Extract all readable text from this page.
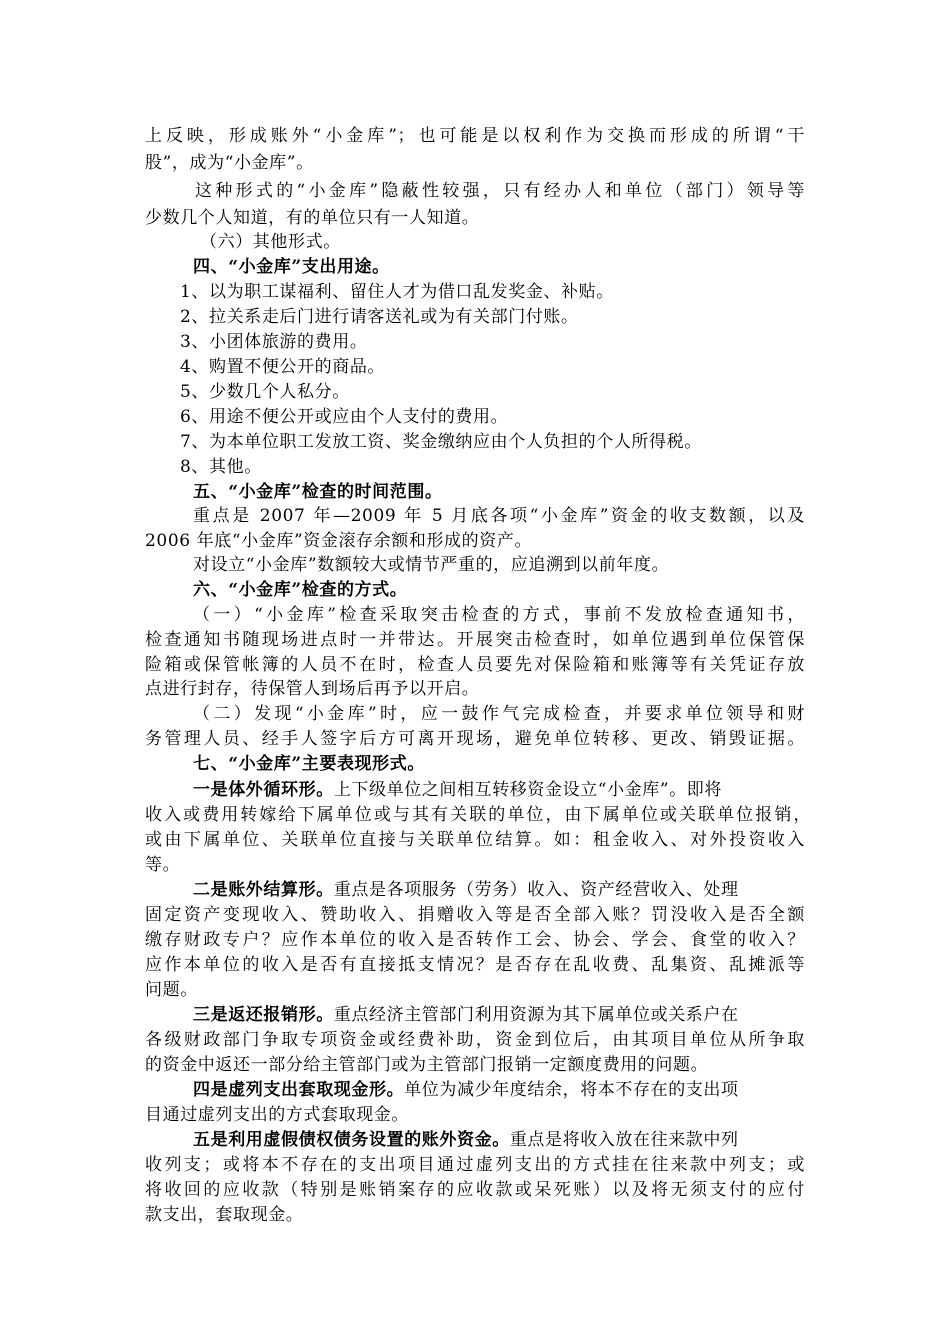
上反映，形成账外“小金库”；也可能是以权利作为交换而形成的所谓“干
股”，成为“小金库”。
这种形式的“小金库”隐蔽性较强，只有经办人和单位（部门）领导等
少数几个人知道，有的单位只有一人知道。
（六）其他形式。
四、“小金库”支出用途。
1、以为职工谋福利、留住人才为借口乱发奖金、补贴。
2、拉关系走后门进行请客送礼或为有关部门付账。
3、小团体旅游的费用。
4、购置不便公开的商品。
5、少数几个人私分。
6、用途不便公开或应由个人支付的费用。
7、为本单位职工发放工资、奖金缴纳应由个人负担的个人所得税。
8、其他。
五、“小金库”检查的时间范围。
重点是 2007 年—2009 年 5 月底各项“小金库”资金的收支数额，以及
2006 年底“小金库”资金滚存余额和形成的资产。
对设立“小金库”数额较大或情节严重的，应追溯到以前年度。
六、“小金库”检查的方式。
（一）“小金库”检查采取突击检查的方式，事前不发放检查通知书，
检查通知书随现场进点时一并带达。开展突击检查时，如单位遇到单位保管保
险箱或保管帐簿的人员不在时，检查人员要先对保险箱和账簿等有关凭证存放
点进行封存，待保管人到场后再予以开启。
（二）发现“小金库”时，应一鼓作气完成检查，并要求单位领导和财
务管理人员、经手人签字后方可离开现场，避免单位转移、更改、销毁证据。
七、“小金库”主要表现形式。
一是体外循环形。上下级单位之间相互转移资金设立“小金库”。即将
收入或费用转嫁给下属单位或与其有关联的单位，由下属单位或关联单位报销，
或由下属单位、关联单位直接与关联单位结算。如：租金收入、对外投资收入
等。
二是账外结算形。重点是各项服务（劳务）收入、资产经营收入、处理
固定资产变现收入、赞助收入、捐赠收入等是否全部入账？罚没收入是否全额
缴存财政专户？应作本单位的收入是否转作工会、协会、学会、食堂的收入？
应作本单位的收入是否有直接抵支情况？是否存在乱收费、乱集资、乱摊派等
问题。
三是返还报销形。重点经济主管部门利用资源为其下属单位或关系户在
各级财政部门争取专项资金或经费补助，资金到位后，由其项目单位从所争取
的资金中返还一部分给主管部门或为主管部门报销一定额度费用的问题。
四是虚列支出套取现金形。单位为减少年度结余，将本不存在的支出项
目通过虚列支出的方式套取现金。
五是利用虚假债权债务设置的账外资金。重点是将收入放在往来款中列
收列支；或将本不存在的支出项目通过虚列支出的方式挂在往来款中列支；或
将收回的应收款（特别是账销案存的应收款或呆死账）以及将无须支付的应付
款支出，套取现金。
